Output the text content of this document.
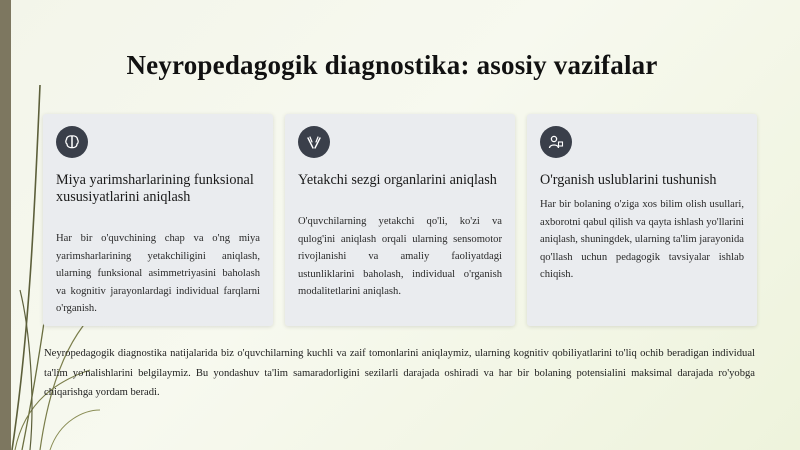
Neyropedagogik diagnostika: asosiy vazifalar
Miya yarimsharlarining funksional xususiyatlarini aniqlash
Har bir o'quvchining chap va o'ng miya yarimsharlarining yetakchiligini aniqlash, ularning funksional asimmetriyasini baholash va kognitiv jarayonlardagi individual farqlarni o'rganish.
Yetakchi sezgi organlarini aniqlash
O'quvchilarning yetakchi qo'li, ko'zi va qulog'ini aniqlash orqali ularning sensomotor rivojlanishi va amaliy faoliyatdagi ustunliklarini baholash, individual o'rganish modalitetlarini aniqlash.
O'rganish uslublarini tushunish
Har bir bolaning o'ziga xos bilim olish usullari, axborotni qabul qilish va qayta ishlash yo'llarini aniqlash, shuningdek, ularning ta'lim jarayonida qo'llash uchun pedagogik tavsiyalar ishlab chiqish.
Neyropedagogik diagnostika natijalarida biz o'quvchilarning kuchli va zaif tomonlarini aniqlaymiz, ularning kognitiv qobiliyatlarini to'liq ochib beradigan individual ta'lim yo'nalishlarini belgilaymiz. Bu yondashuv ta'lim samaradorligini sezilarli darajada oshiradi va har bir bolaning potensialini maksimal darajada ro'yobga chiqarishga yordam beradi.
